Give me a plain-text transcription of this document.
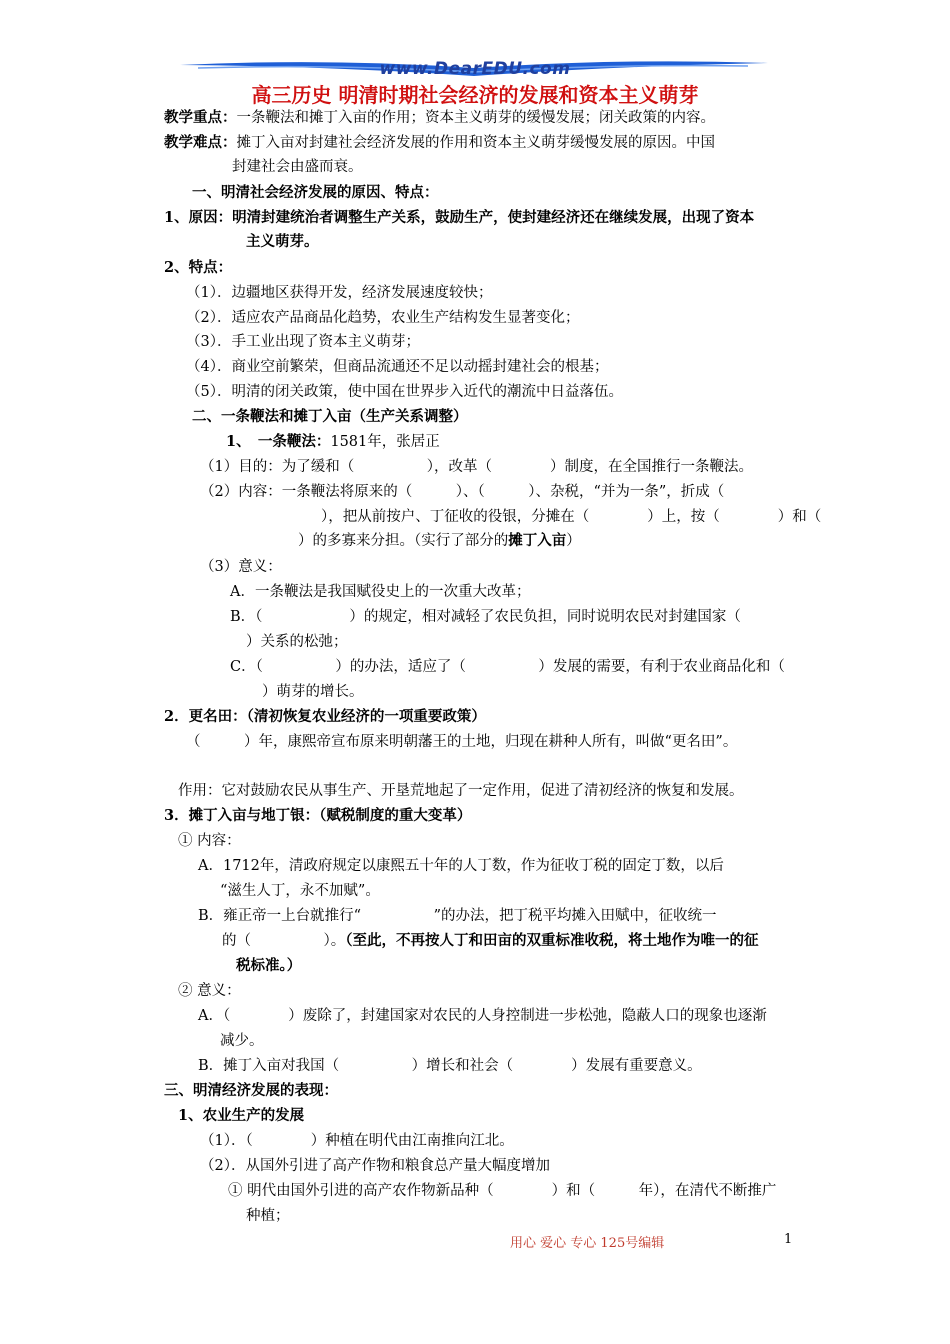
www.DearEDU.com
高三历史 明清时期社会经济的发展和资本主义萌芽
教学重点：一条鞭法和摊丁入亩的作用；资本主义萌芽的缓慢发展；闭关政策的内容。
教学难点：摊丁入亩对封建社会经济发展的作用和资本主义萌芽缓慢发展的原因。中国
封建社会由盛而衰。
一、明清社会经济发展的原因、特点：
1、原因：明清封建统治者调整生产关系，鼓励生产，使封建经济还在继续发展，出现了资本
主义萌芽。
2、特点：
（1）．边疆地区获得开发，经济发展速度较快；
（2）．适应农产品商品化趋势，农业生产结构发生显著变化；
（3）．手工业出现了资本主义萌芽；
（4）．商业空前繁荣，但商品流通还不足以动摇封建社会的根基；
（5）．明清的闭关政策，使中国在世界步入近代的潮流中日益落伍。
二、一条鞭法和摊丁入亩（生产关系调整）
1、　一条鞭法：1581年，张居正
（1）目的：为了缓和（　　　　　），改革（　　　　）制度，在全国推行一条鞭法。
（2）内容：一条鞭法将原来的（　　　）、（　　　）、杂税，“并为一条”，折成（
　　　　　　），把从前按户、丁征收的役银，分摊在（　　　　）上，按（　　　　）和（
）的多寡来分担。（实行了部分的摊丁入亩）
（3）意义：
A．一条鞭法是我国赋役史上的一次重大改革；
B．（　　　　　　）的规定，相对减轻了农民负担，同时说明农民对封建国家（
）关系的松弛；
C．（　　　　　）的办法，适应了（　　　　　）发展的需要，有利于农业商品化和（
）萌芽的增长。
2．更名田：（清初恢复农业经济的一项重要政策）
（　　　）年，康熙帝宣布原来明朝藩王的土地，归现在耕种人所有，叫做“更名田”。
作用：它对鼓励农民从事生产、开垦荒地起了一定作用，促进了清初经济的恢复和发展。
3．摊丁入亩与地丁银：（赋税制度的重大变革）
① 内容：
A．1712年，清政府规定以康熙五十年的人丁数，作为征收丁税的固定丁数，以后
“滋生人丁，永不加赋”。
B．雍正帝一上台就推行“　　　　　”的办法，把丁税平均摊入田赋中，征收统一
的（　　　　　）。（至此，不再按人丁和田亩的双重标准收税，将土地作为唯一的征
税标准。）
② 意义：
A．（　　　　）废除了，封建国家对农民的人身控制进一步松弛，隐蔽人口的现象也逐渐
减少。
B．摊丁入亩对我国（　　　　　）增长和社会（　　　　）发展有重要意义。
三、明清经济发展的表现：
1、农业生产的发展
（1）．（　　　　）种植在明代由江南推向江北。
（2）．从国外引进了高产作物和粮食总产量大幅度增加
① 明代由国外引进的高产农作物新品种（　　　　）和（　　　年），在清代不断推广
种植；
用心 爱心 专心 125号编辑	1
